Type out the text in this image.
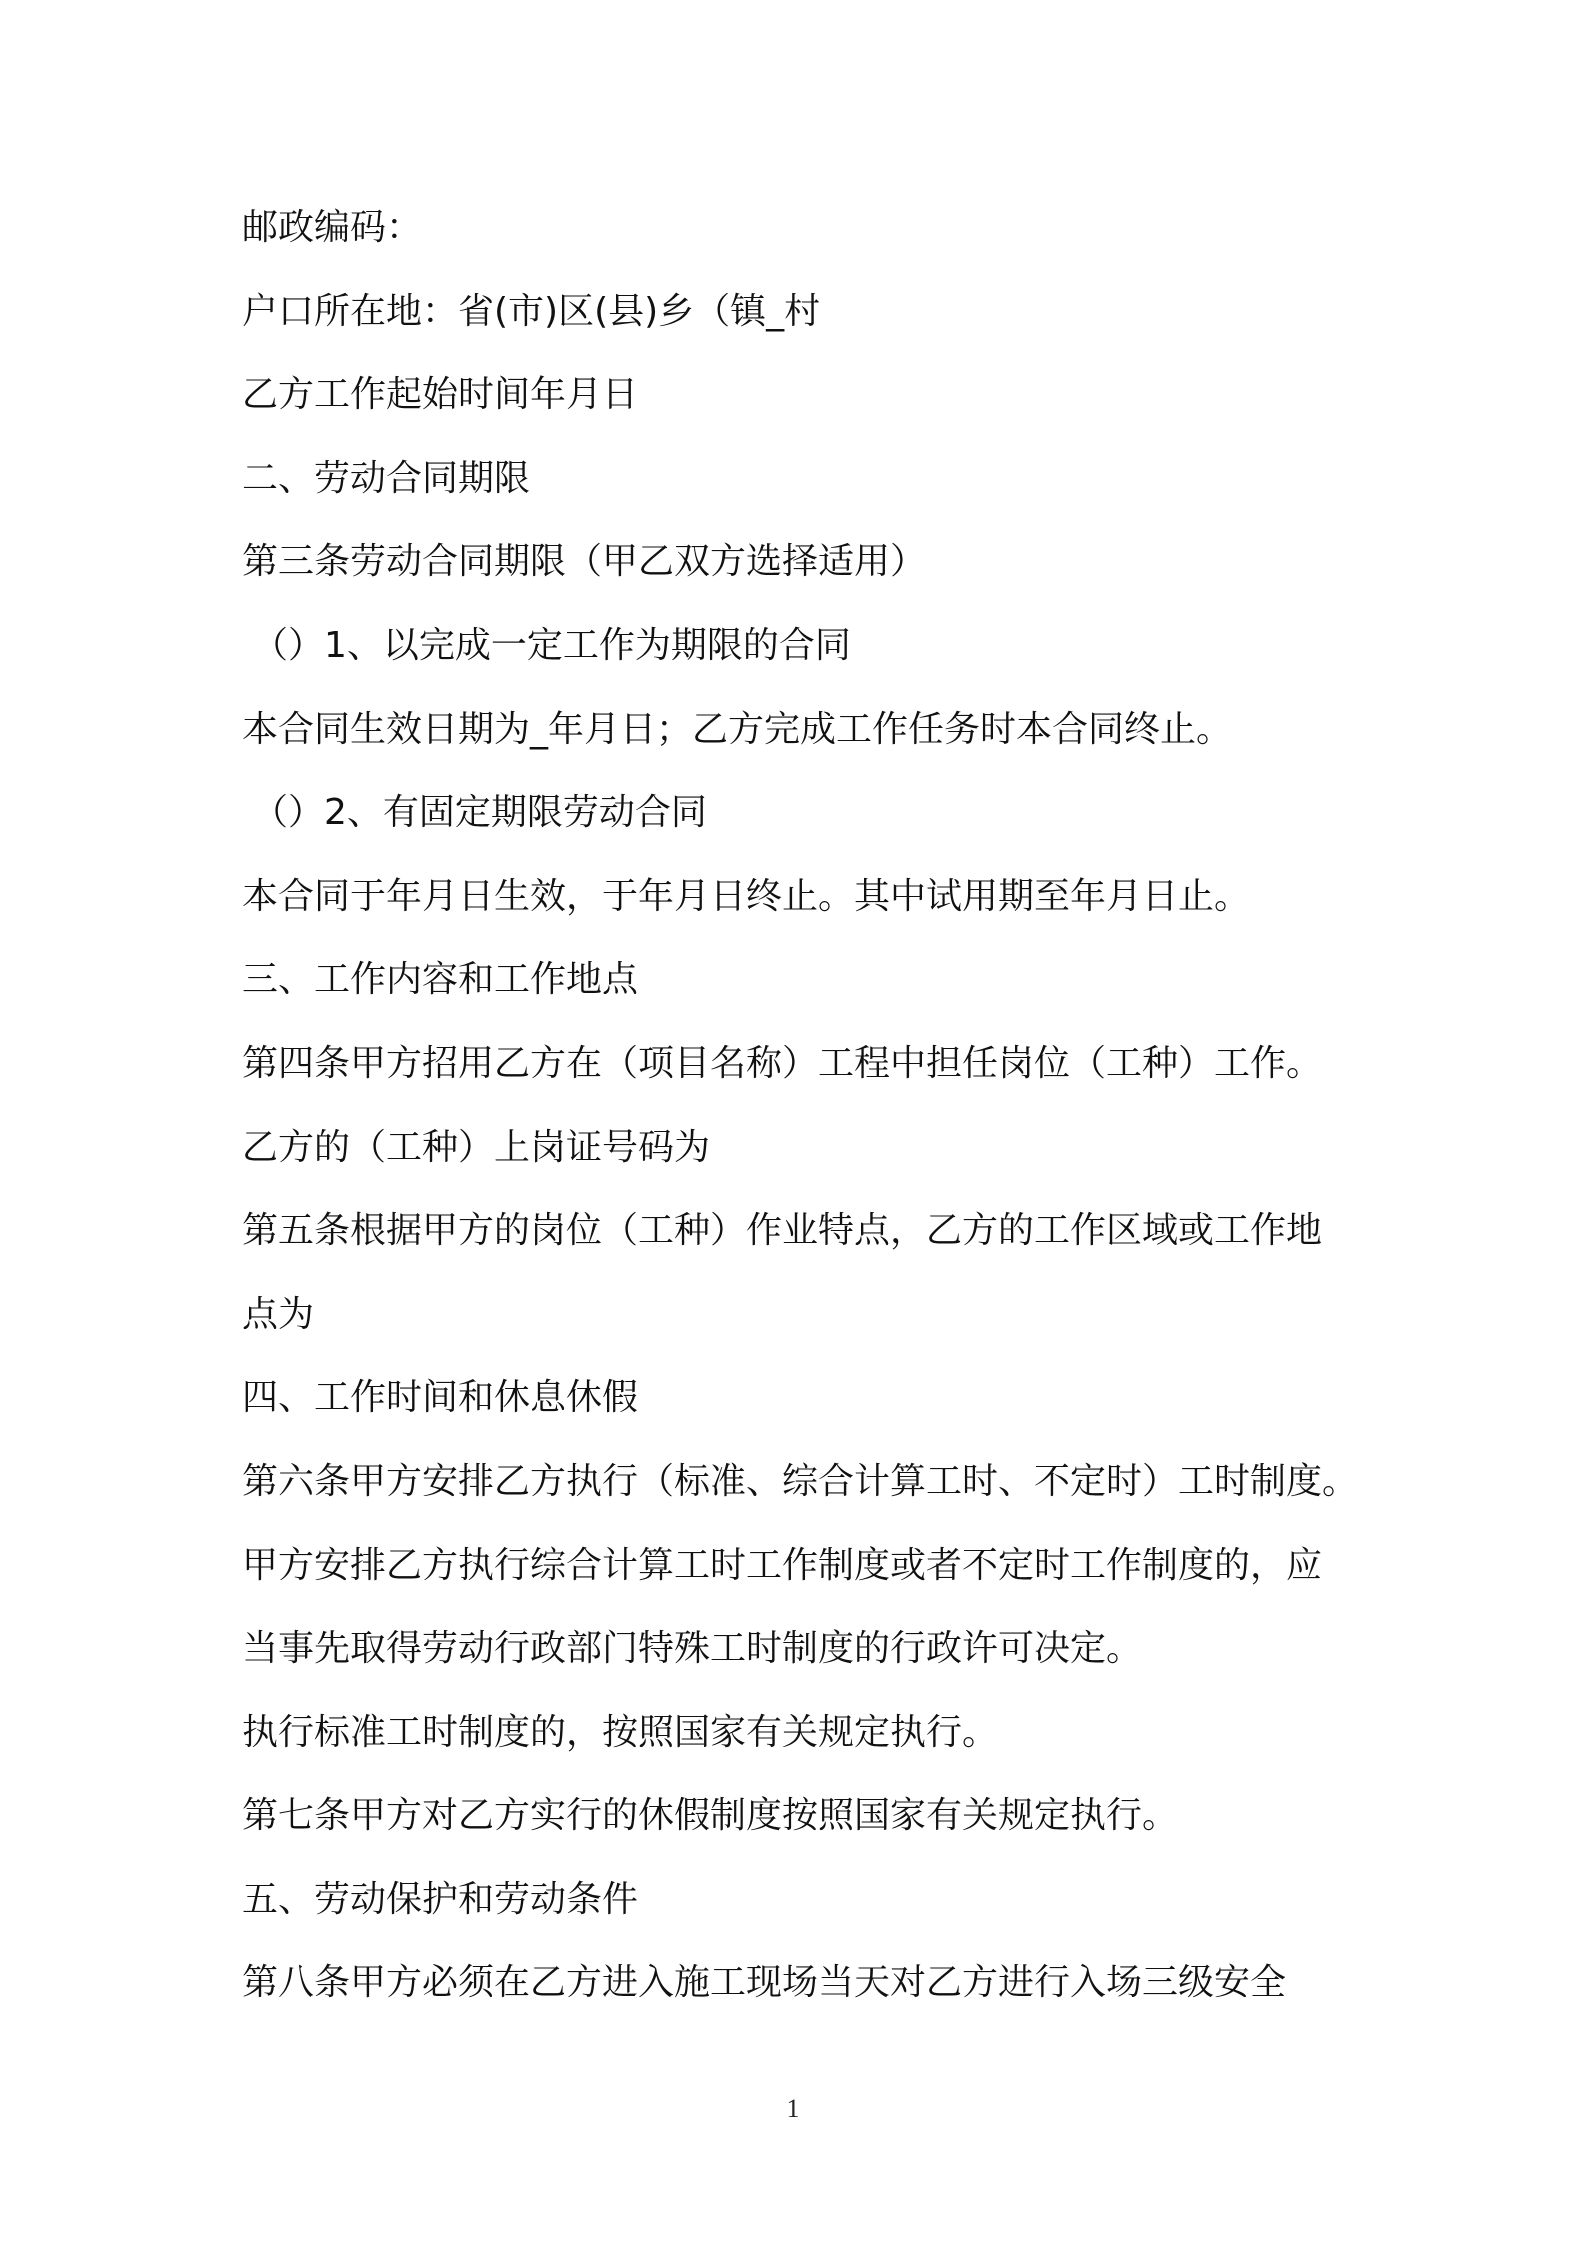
邮政编码：
户口所在地：省(市)区(县)乡（镇_村
乙方工作起始时间年月日
二、劳动合同期限
第三条劳动合同期限（甲乙双方选择适用）
（）1、以完成一定工作为期限的合同
本合同生效日期为_年月日；乙方完成工作任务时本合同终止。
（）2、有固定期限劳动合同
本合同于年月日生效，于年月日终止。其中试用期至年月日止。
三、工作内容和工作地点
第四条甲方招用乙方在（项目名称）工程中担任岗位（工种）工作。
乙方的（工种）上岗证号码为
第五条根据甲方的岗位（工种）作业特点，乙方的工作区域或工作地
点为
四、工作时间和休息休假
第六条甲方安排乙方执行（标准、综合计算工时、不定时）工时制度。
甲方安排乙方执行综合计算工时工作制度或者不定时工作制度的，应
当事先取得劳动行政部门特殊工时制度的行政许可决定。
执行标准工时制度的，按照国家有关规定执行。
第七条甲方对乙方实行的休假制度按照国家有关规定执行。
五、劳动保护和劳动条件
第八条甲方必须在乙方进入施工现场当天对乙方进行入场三级安全
1
